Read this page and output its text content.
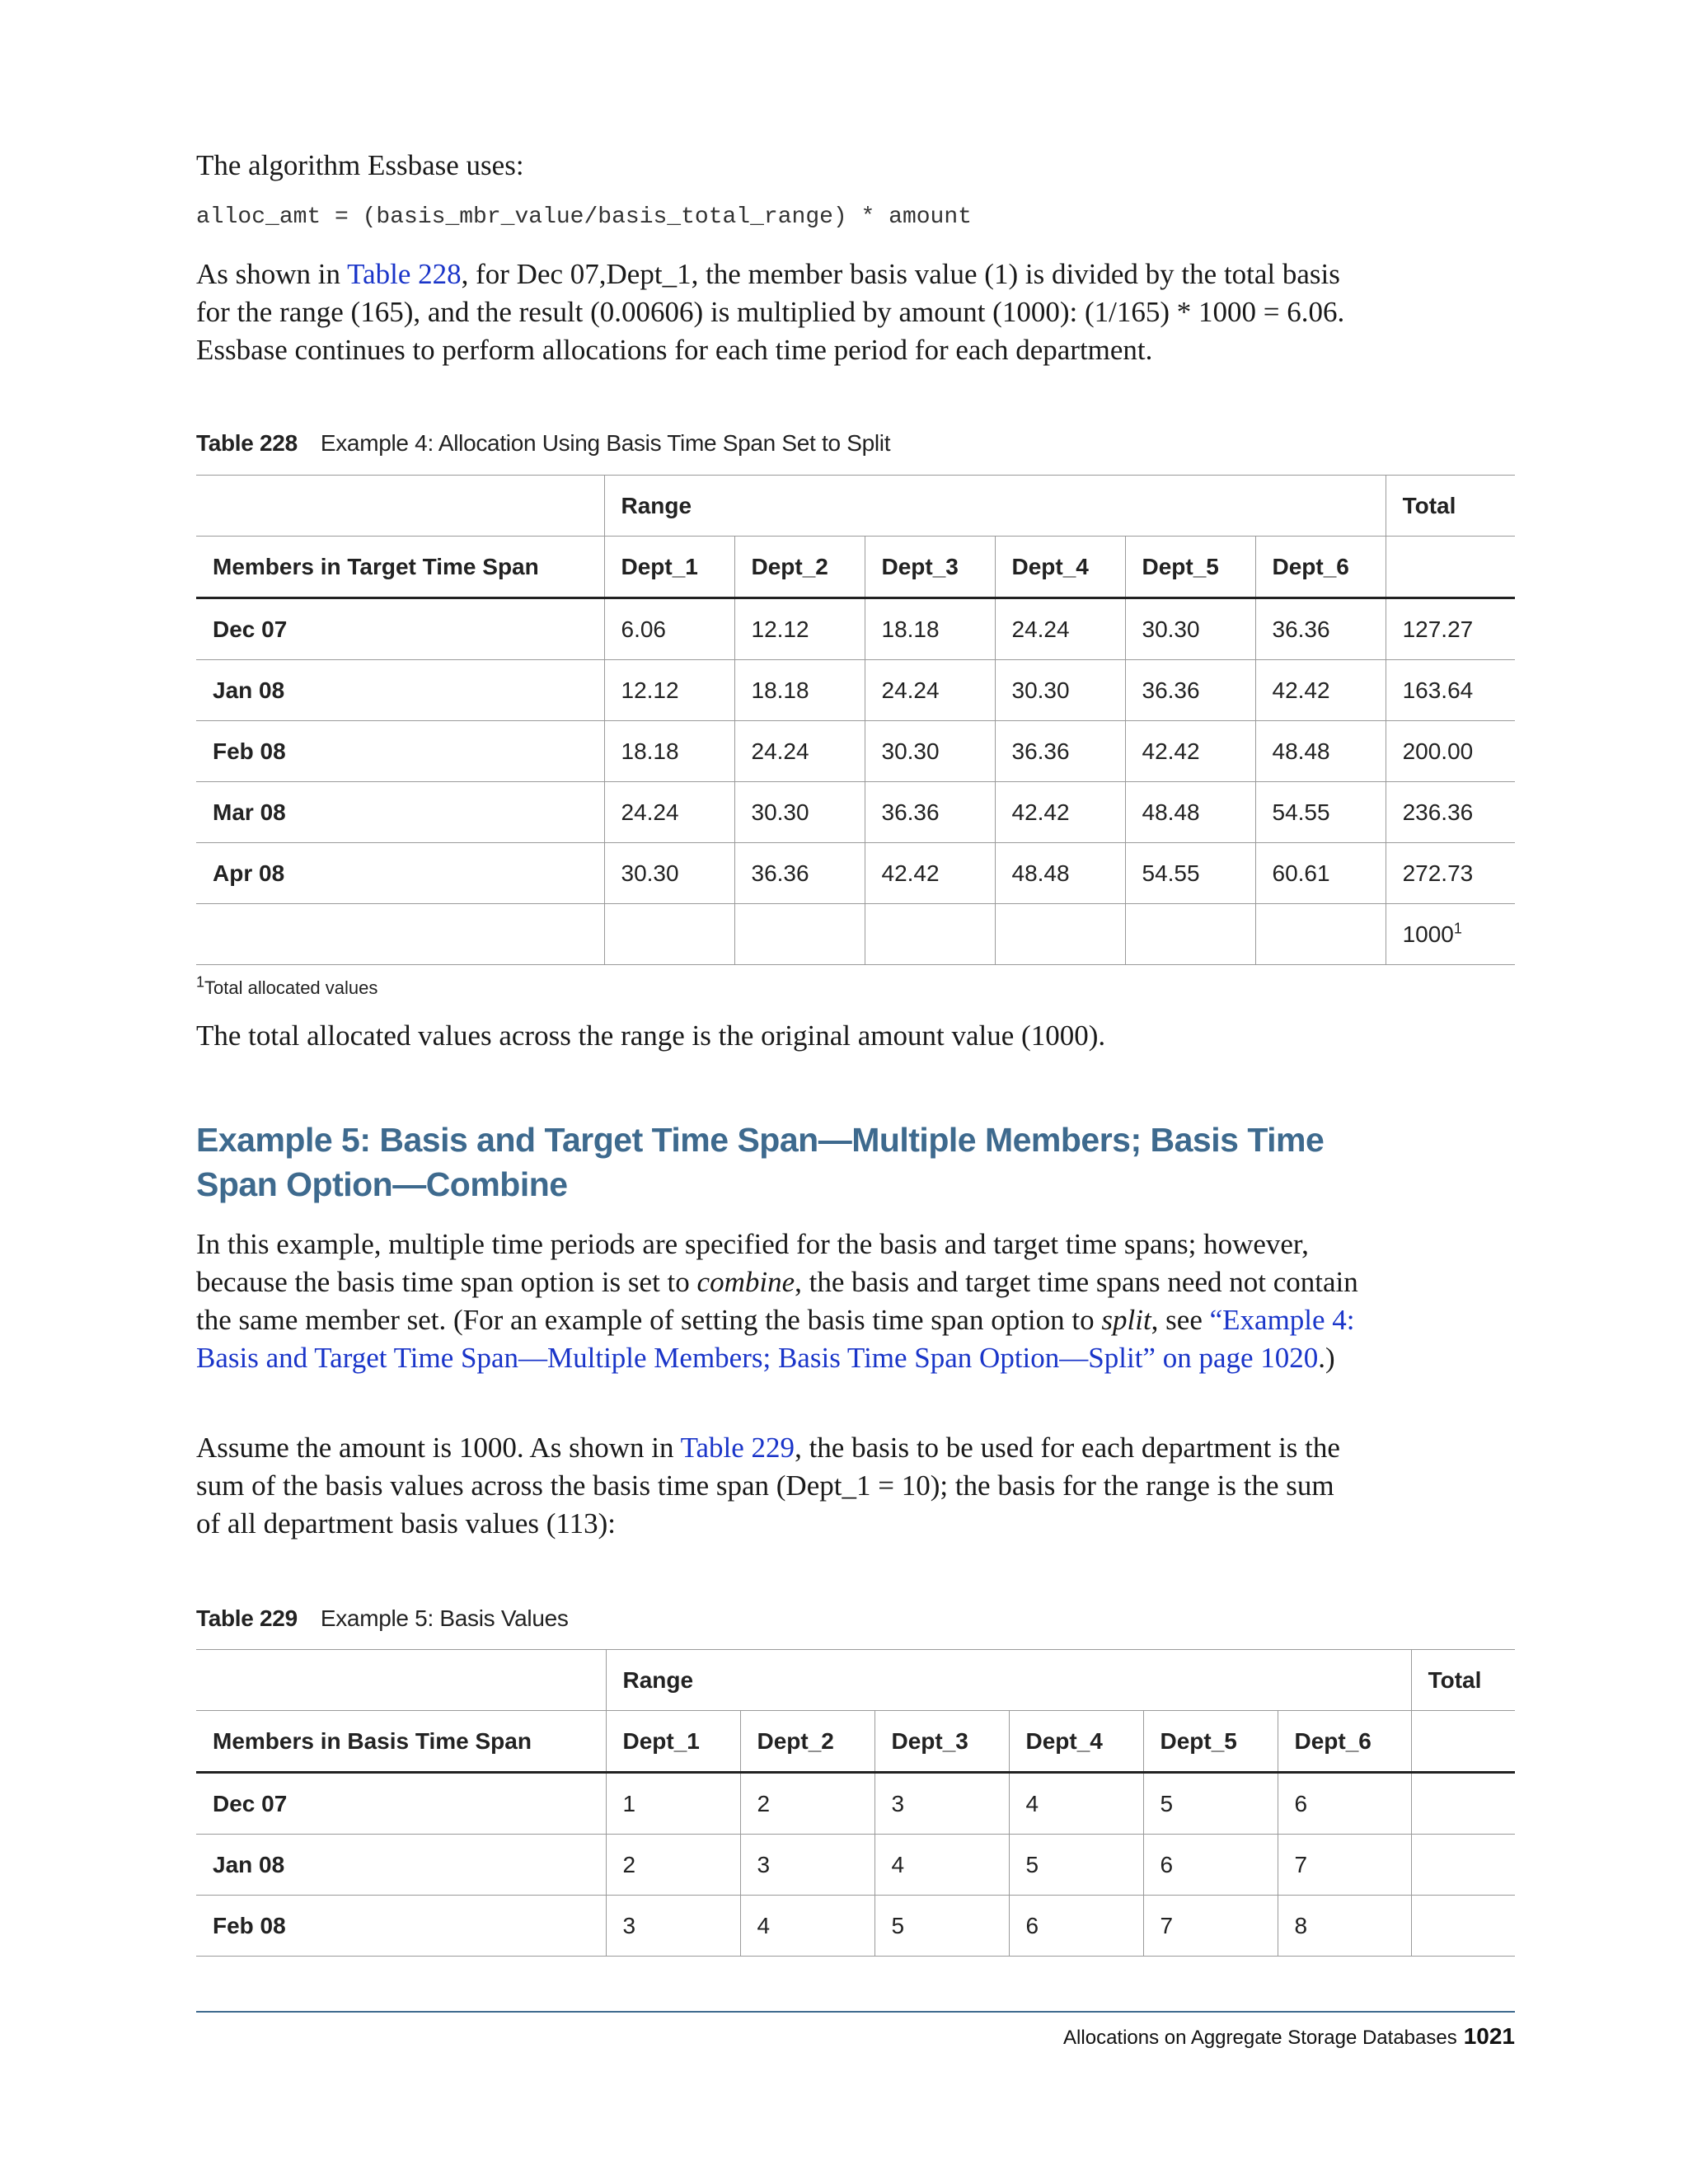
The algorithm Essbase uses:

alloc_amt = (basis_mbr_value/basis_total_range) * amount

As shown in Table 228, for Dec 07,Dept_1, the member basis value (1) is divided by the total basis for the range (165), and the result (0.00606) is multiplied by amount (1000): (1/165) * 1000 = 6.06. Essbase continues to perform allocations for each time period for each department.

Table 228 Example 4: Allocation Using Basis Time Span Set to Split
	Range						Total
Members in Target Time Span	Dept_1	Dept_2	Dept_3	Dept_4	Dept_5	Dept_6	
Dec 07	6.06	12.12	18.18	24.24	30.30	36.36	127.27
Jan 08	12.12	18.18	24.24	30.30	36.36	42.42	163.64
Feb 08	18.18	24.24	30.30	36.36	42.42	48.48	200.00
Mar 08	24.24	30.30	36.36	42.42	48.48	54.55	236.36
Apr 08	30.30	36.36	42.42	48.48	54.55	60.61	272.73
							1000$^1$
$^1$Total allocated values

The total allocated values across the range is the original amount value (1000).

Example 5: Basis and Target Time Span—Multiple Members; Basis Time Span Option—Combine

In this example, multiple time periods are specified for the basis and target time spans; however, because the basis time span option is set to combine, the basis and target time spans need not contain the same member set. (For an example of setting the basis time span option to split, see “Example 4: Basis and Target Time Span—Multiple Members; Basis Time Span Option—Split” on page 1020.)

Assume the amount is 1000. As shown in Table 229, the basis to be used for each department is the sum of the basis values across the basis time span (Dept_1 = 10); the basis for the range is the sum of all department basis values (113):

Table 229 Example 5: Basis Values
	Range						Total
Members in Basis Time Span	Dept_1	Dept_2	Dept_3	Dept_4	Dept_5	Dept_6	
Dec 07	1	2	3	4	5	6	
Jan 08	2	3	4	5	6	7	
Feb 08	3	4	5	6	7	8	
Allocations on Aggregate Storage Databases 1021
